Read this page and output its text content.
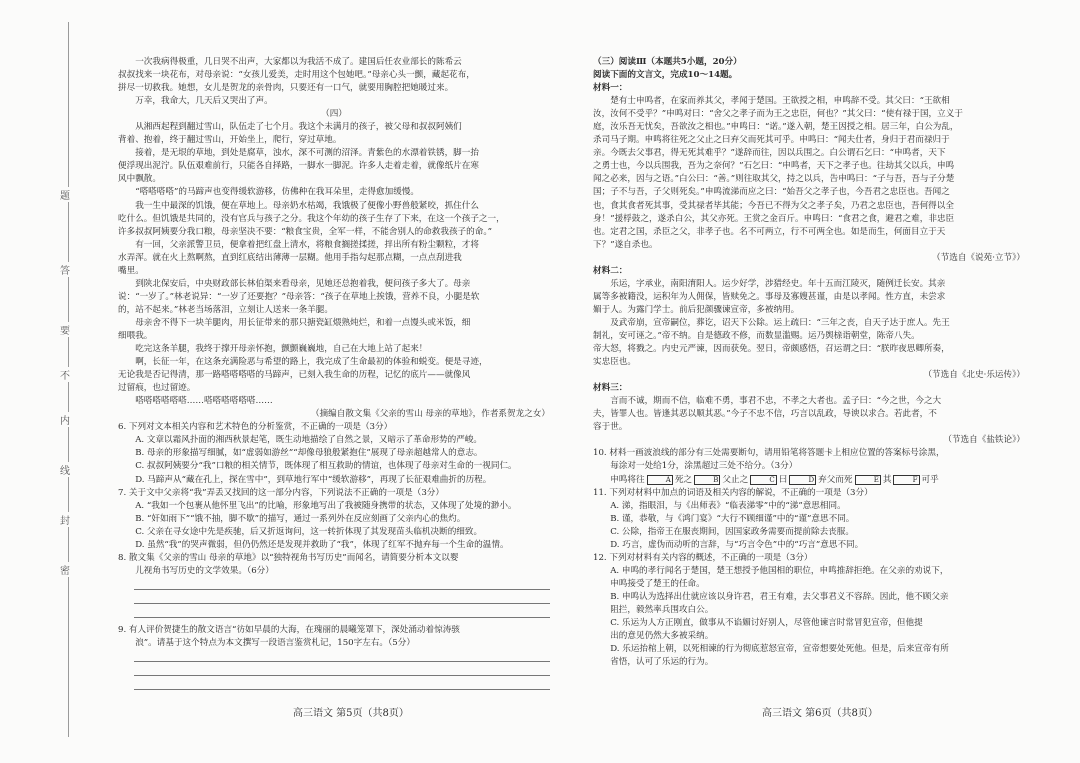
题
答
要
不
内
线
封
密

一次我病得极重，几日哭不出声，大家都以为我活不成了。建国后任农业部长的陈希云

叔叔找来一块花布，对母亲说：“女孩儿爱美，走时用这个包她吧。”母亲心头一颤，藏起花布，

拼尽一切救我。她想，女儿是贺龙的亲骨肉，只要还有一口气，就要用胸腔把她暖过来。

万幸，我命大，几天后又哭出了声。

（四）

从湘西起程到翻过雪山，队伍走了七个月。我这个未满月的孩子，被父母和叔叔阿姨们

背着、抱着，终于翻过雪山，开始坐上，爬行，穿过草地。

接着，是无垠的草地，到处是腐草，浊水，深不可测的沼泽。青紫色的水漂着铁锈，脚一抬

便浮现出泥泞。队伍艰难前行，只能各自择路，一脚水一脚泥。许多人走着走着，就像纸片在寒

风中飘散。

“嗒嗒嗒嗒”的马蹄声也变得缓软游移，仿佛种在我耳朵里，走得愈加缓慢。

我一生中最深的饥饿，便在草地上。母亲奶水枯竭，我饿极了便像小野兽般紧咬，抓住什么

吃什么。但饥饿是共同的，没有官兵与孩子之分。我这个年幼的孩子生存了下来，在这一个孩子之一，

许多叔叔阿姨要分我口粮，母亲坚决不要：“粮食宝贵，全军一样，不能舍别人的命救我孩子的命。”

有一回，父亲派警卫员，便拿着把红盘上清水，将粮食搁搓揉搓，拌出所有粉尘颗粒，才将

水弄浑。就在火上熬啊熬，直到红底结出薄薄一层糊。他用手指勾起那点糊，一点点刮进我

嘴里。

到陕北保安后，中央财政部长林伯渠来看母亲，见她还总抱着我，便问孩子多大了。母亲

说：“一岁了。”林老说异：“一岁了还要抱？”母亲答：“孩子在草地上挨饿，营养不良，小腿是软

的，站不起来。”林老当场落泪，立刻让人送来一条羊腿。

母亲舍不得下一块羊腿肉，用长征带来的那只搪瓷缸煨熟炖烂，和着一点馒头或米饭，细

细喂我。

吃完这条羊腿，我终于撑开母亲怀抱，颤颤巍巍地，自己在大地上站了起来！

啊，长征一年，在这条充满险恶与希望的路上，我完成了生命最初的体验和蜕变。便是寻迹，

无论我是否记得清，那一路嗒嗒嗒嗒的马蹄声，已刻入我生命的历程，记忆的底片——就像风

过留痕，也过留迹。

嗒嗒嗒嗒嗒嗒……嗒嗒嗒嗒嗒嗒……

（摘编自散文集《父亲的雪山 母亲的草地》，作者系贺龙之女）

6. 下列对文本相关内容和艺术特色的分析鉴赏，不正确的一项是（3分）

A. 文章以霜风扑面的湘西秋景起笔，既生动地描绘了自然之景，又暗示了革命形势的严峻。

B. 母亲的形象描写细腻，如“虚弱如游丝”“却像母狼般紧抱住”展现了母亲超越常人的意志。

C. 叔叔阿姨要分“我”口粮的相关情节，既体现了相互救助的情谊，也体现了母亲对生命的一视同仁。

D. 马蹄声从“藏在孔上，探在雪中”，到草地行军中“缓软游移”，再现了长征艰难曲折的历程。

7. 关于文中父亲将“我”弄丢又找回的这一部分内容，下列说法不正确的一项是（3分）

A. “我如一个包裹从他怀里飞出”的比喻，形象地写出了我被随身携带的状态，又体现了处境的渺小。

B. “奸如雨下”“饿不抽，脚不歇”的描写，通过一系列外在反应刻画了父亲内心的焦灼。

C. 父亲在寻女途中先是疾驰，后又折返询问，这一转折体现了其发现苗头临机决断的细致。

D. 虽然“我”的哭声微弱，但仍仍然还是发现并救助了“我”，体现了红军不抛弃每一个生命的温情。

8. 散文集《父亲的雪山 母亲的草地》以“独特视角书写历史”而闻名，请简要分析本文以婴

儿视角书写历史的文学效果。（6分）

9. 有人评价贺捷生的散文语言“彷如早晨的大海，在瑰丽的晨曦笼罩下，深处涌动着惊涛骇

浪”。请基于这个特点为本文撰写一段语言鉴赏札记，150字左右。（5分）

（三）阅读Ⅲ（本题共5小题，20分）

阅读下面的文言文，完成10～14题。

材料一：

楚有士申鸣者，在家而养其父，孝闻于楚国。王欲授之相，申鸣辞不受。其父曰：“王欲相

汝，汝何不受乎？”申鸣对曰：“舍父之孝子而为王之忠臣，何也？”其父曰：“使有禄于国，立义于

庭，汝乐吾无忧矣，吾欲汝之相也。”申鸣曰：“诺。”遂入朝，楚王因授之相。居三年，白公为乱，

杀司马子期。申鸣将往死之父止之曰弃父而死其可乎。申鸣曰：“闻夫仕者，身归于君而禄归于

亲。今既去父事君，得无死其难乎？”遂辞而往，因以兵围之。白公谓石乞曰：“申鸣者，天下

之勇士也，今以兵围我，吾为之奈何？”石乞曰：“申鸣者，天下之孝子也。往劫其父以兵，申鸣

闻之必来，因与之语。”白公曰：“善。”则往取其父，持之以兵，告申鸣曰：“子与吾，吾与子分楚

国；子不与吾，子父则死矣。”申鸣流涕而应之曰：“始吾父之孝子也，今吾君之忠臣也。吾闻之

也，食其食者死其事，受其禄者毕其能；今吾已不得为父之孝子矣，乃君之忠臣也，吾何得以全

身！”援桴鼓之，遂杀白公，其父亦死。王赏之金百斤。申鸣曰：“食君之食，避君之难，非忠臣

也。定君之国，杀臣之父，非孝子也。名不可两立，行不可两全也。如是而生，何面目立于天

下？”遂自杀也。

（节选自《说苑·立节》）

材料二：

乐运，字承业，南阳淯阳人。运少好学，涉猎经史。年十五而江陵灭，随例迁长安。其亲

属等多被籍没，运积年为人佣保，皆赎免之。事母及寡嫂甚谨，由是以孝闻。性方直，未尝求

媚于人。为露门学士。前后犯颜骤谏宣帝，多被纳用。

及武帝崩，宣帝嗣位，葬讫，诏天下公除。运上疏曰：“三年之丧，自天子达于庶人。先王

制礼，安可诬之。”帝不纳。自是德政不修，而数显滥赐。运乃舆榇诣朝堂，陈帝八失。

帝大怒，将戮之。内史元严谏，因而获免。翌日，帝颇感悟，召运谓之曰：“朕昨夜思卿所奏，

实忠臣也。

（节选自《北史·乐运传》）

材料三：

言而不诚，期而不信，临难不勇，事君不忠，不孝之大者也。孟子曰：“今之世，今之大

夫，皆罪人也。皆逢其恶以顺其恶。”今子不忠不信，巧言以乱政，导谀以求合。若此者，不

容于世。

（节选自《盐铁论》）

10. 材料一画波浪线的部分有三处需要断句，请用铅笔将答题卡上相应位置的答案标号涂黑，

每涂对一处给1分，涂黑超过三处不给分。（3分）

申鸣将往	A 死之	B 父止之	C 曰	D 弃父而死	E 其	F 可乎

11. 下列对材料中加点的词语及相关内容的解说，不正确的一项是（3分）

A. 涕，指眼泪，与《出师表》“临表涕零”中的“涕”意思相同。

B. 谨，恭敬，与《鸿门宴》“大行不顾细谨”中的“谨”意思不同。

C. 公除，指帝王在服丧期间，因国家政务需要而提前除去丧服。

D. 巧言，虚伪而动听的言辞，与“巧言令色”中的“巧言”意思不同。

12. 下列对材料有关内容的概述，不正确的一项是（3分）

A. 申鸣的孝行闻名于楚国，楚王想授予他国相的职位，申鸣推辞拒绝。在父亲的劝说下，

申鸣接受了楚王的任命。

B. 申鸣认为选择出仕就应该以身许君，君王有难，去父事君义不容辞。因此，他不顾父亲

阻拦，毅然率兵围攻白公。

C. 乐运为人方正刚直，做事从不谄媚讨好别人，尽管他谏言时常冒犯宣帝，但他提

出的意见仍然大多被采纳。

D. 乐运抬棺上朝，以死相谏的行为彻底惹怒宣帝，宣帝想要处死他。但是，后来宣帝有所

省悟，认可了乐运的行为。

高三语文 第5页（共8页）	高三语文 第6页（共8页）
